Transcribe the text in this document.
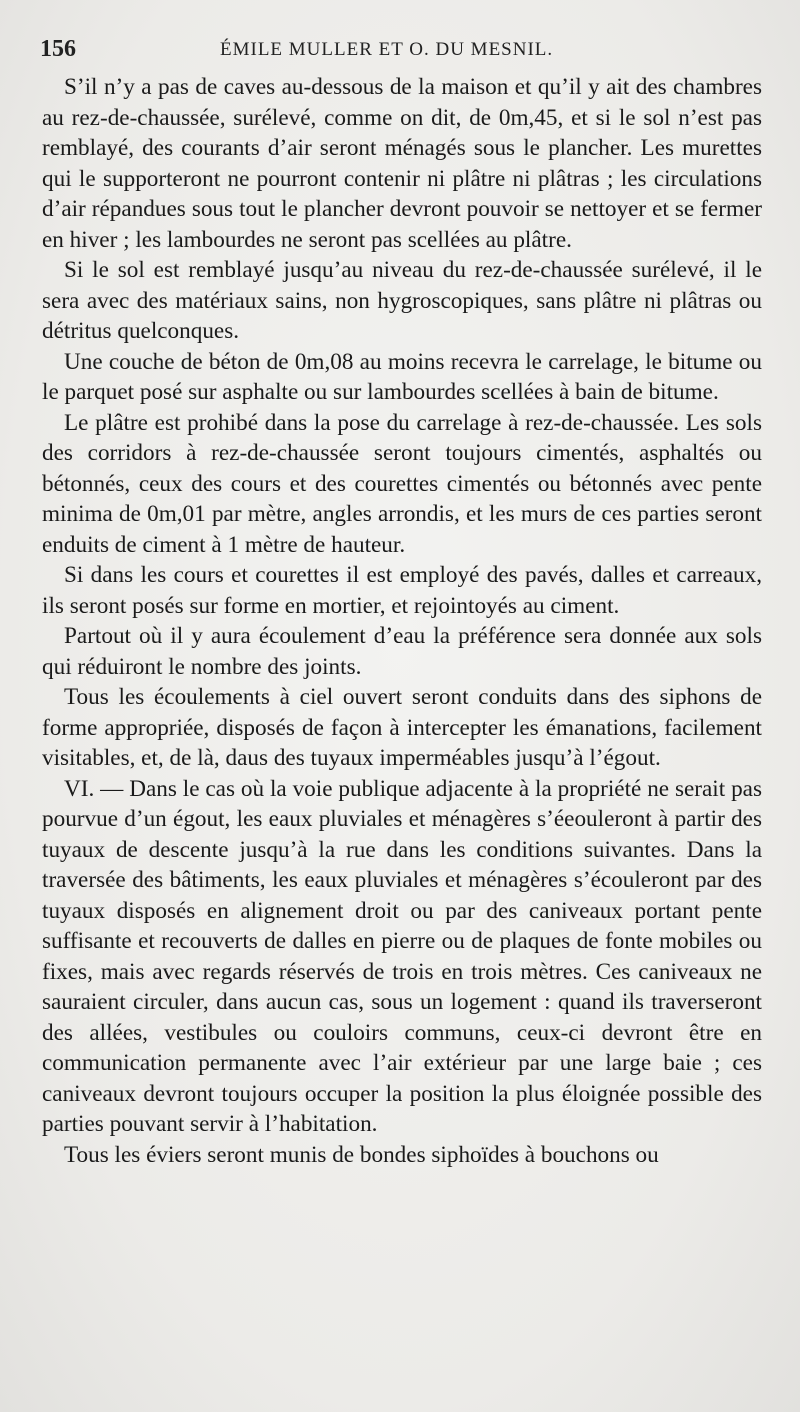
156	ÉMILE MULLER ET O. DU MESNIL.

S’il n’y a pas de caves au-dessous de la maison et qu’il y ait des chambres au rez-de-chaussée, surélevé, comme on dit, de 0m,45, et si le sol n’est pas remblayé, des courants d’air seront ménagés sous le plancher. Les murettes qui le supporteront ne pourront contenir ni plâtre ni plâtras ; les circulations d’air répandues sous tout le plancher devront pouvoir se nettoyer et se fermer en hiver ; les lambourdes ne seront pas scellées au plâtre.

Si le sol est remblayé jusqu’au niveau du rez-de-chaussée surélevé, il le sera avec des matériaux sains, non hygroscopiques, sans plâtre ni plâtras ou détritus quelconques.

Une couche de béton de 0m,08 au moins recevra le carrelage, le bitume ou le parquet posé sur asphalte ou sur lambourdes scellées à bain de bitume.

Le plâtre est prohibé dans la pose du carrelage à rez-de-chaussée. Les sols des corridors à rez-de-chaussée seront toujours cimentés, asphaltés ou bétonnés, ceux des cours et des courettes cimentés ou bétonnés avec pente minima de 0m,01 par mètre, angles arrondis, et les murs de ces parties seront enduits de ciment à 1 mètre de hauteur.

Si dans les cours et courettes il est employé des pavés, dalles et carreaux, ils seront posés sur forme en mortier, et rejointoyés au ciment.

Partout où il y aura écoulement d’eau la préférence sera donnée aux sols qui réduiront le nombre des joints.

Tous les écoulements à ciel ouvert seront conduits dans des siphons de forme appropriée, disposés de façon à intercepter les émanations, facilement visitables, et, de là, daus des tuyaux imperméables jusqu’à l’égout.

VI. — Dans le cas où la voie publique adjacente à la propriété ne serait pas pourvue d’un égout, les eaux pluviales et ménagères s’éeouleront à partir des tuyaux de descente jusqu’à la rue dans les conditions suivantes. Dans la traversée des bâtiments, les eaux pluviales et ménagères s’écouleront par des tuyaux disposés en alignement droit ou par des caniveaux portant pente suffisante et recouverts de dalles en pierre ou de plaques de fonte mobiles ou fixes, mais avec regards réservés de trois en trois mètres. Ces caniveaux ne sauraient circuler, dans aucun cas, sous un logement : quand ils traverseront des allées, vestibules ou couloirs communs, ceux-ci devront être en communication permanente avec l’air extérieur par une large baie ; ces caniveaux devront toujours occuper la position la plus éloignée possible des parties pouvant servir à l’habitation.

Tous les éviers seront munis de bondes siphoïdes à bouchons ou
